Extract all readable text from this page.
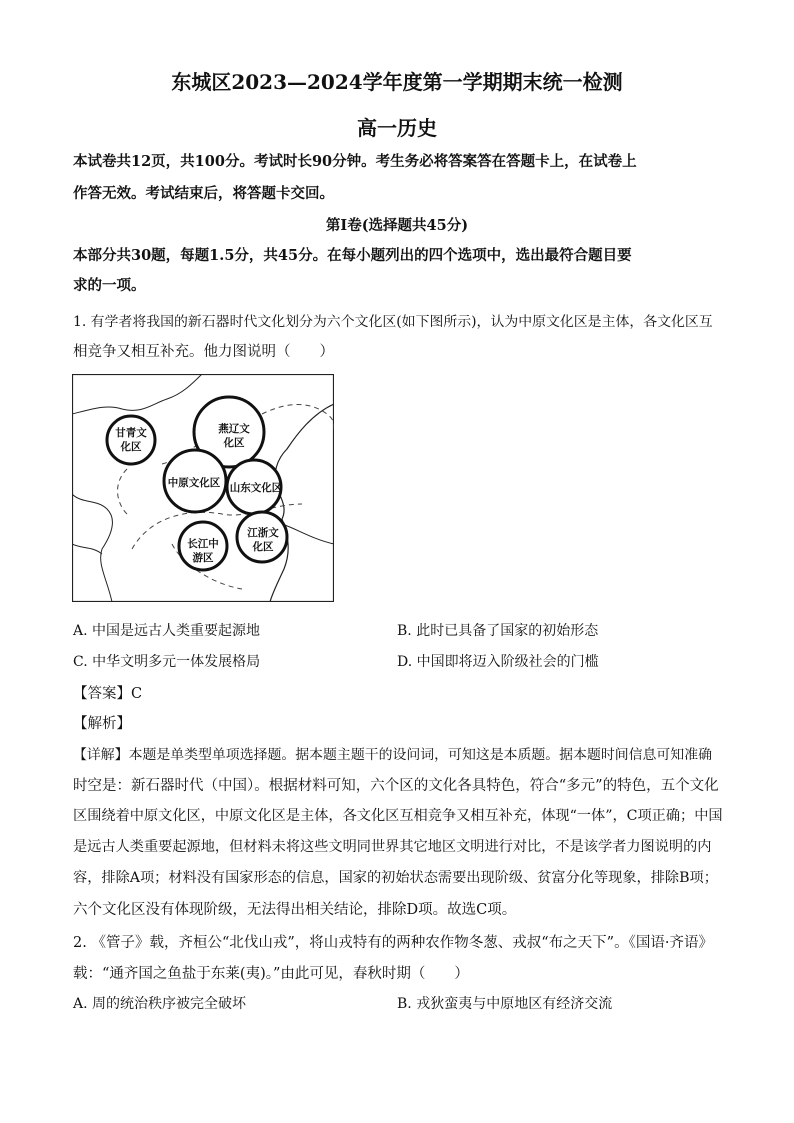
东城区2023—2024学年度第一学期期末统一检测
高一历史
本试卷共12页，共100分。考试时长90分钟。考生务必将答案答在答题卡上，在试卷上
作答无效。考试结束后，将答题卡交回。
第Ⅰ卷(选择题共45分)
本部分共30题，每题1.5分，共45分。在每小题列出的四个选项中，选出最符合题目要
求的一项。
1. 有学者将我国的新石器时代文化划分为六个文化区(如下图所示)，认为中原文化区是主体，各文化区互
相竞争又相互补充。他力图说明（　　）
甘青文
化区
燕辽文
化区
中原文化区 山东文化区
长江中
游区
江浙文
化区
A. 中国是远古人类重要起源地	B. 此时已具备了国家的初始形态
C. 中华文明多元一体发展格局	D. 中国即将迈入阶级社会的门槛
【答案】C
【解析】
【详解】本题是单类型单项选择题。据本题主题干的设问词，可知这是本质题。据本题时间信息可知准确
时空是：新石器时代（中国）。根据材料可知，六个区的文化各具特色，符合“多元”的特色，五个文化
区围绕着中原文化区，中原文化区是主体，各文化区互相竞争又相互补充，体现“一体”，C项正确；中国
是远古人类重要起源地，但材料未将这些文明同世界其它地区文明进行对比，不是该学者力图说明的内
容，排除A项；材料没有国家形态的信息，国家的初始状态需要出现阶级、贫富分化等现象，排除B项；
六个文化区没有体现阶级，无法得出相关结论，排除D项。故选C项。
2. 《管子》载，齐桓公“北伐山戎”，将山戎特有的两种农作物冬葱、戎叔“布之天下”。《国语·齐语》
载：“通齐国之鱼盐于东莱(夷)。”由此可见，春秋时期（　　）
A. 周的统治秩序被完全破坏	B. 戎狄蛮夷与中原地区有经济交流
